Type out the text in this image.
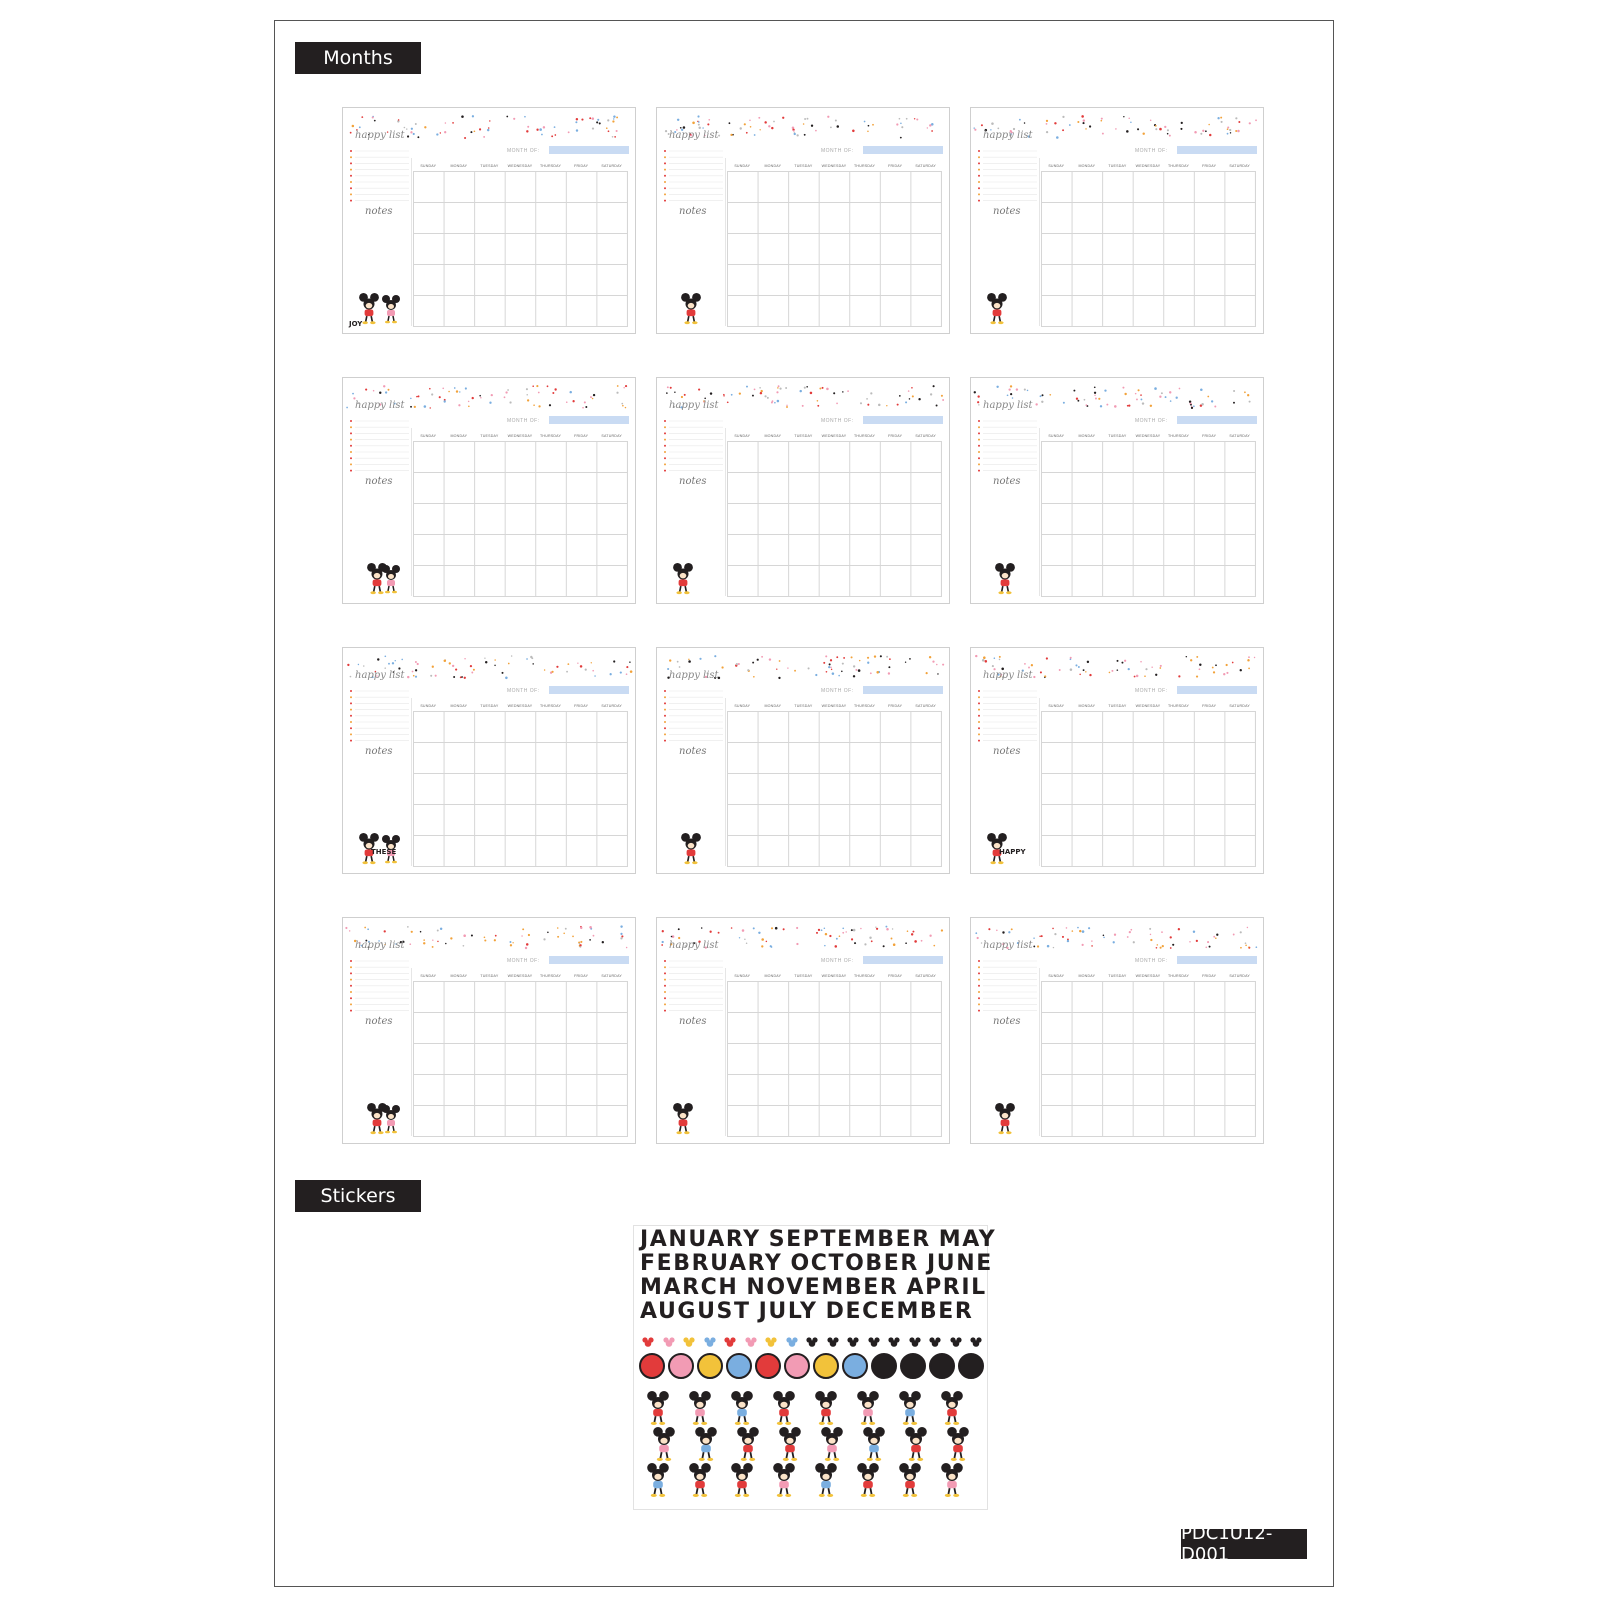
Months
happy list
notes
MONTH OF:
SUNDAY	MONDAY	TUESDAY	WEDNESDAY	THURSDAY	FRIDAY	SATURDAY
JOY
happy list
notes
MONTH OF:
SUNDAY	MONDAY	TUESDAY	WEDNESDAY	THURSDAY	FRIDAY	SATURDAY
happy list
notes
MONTH OF:
SUNDAY	MONDAY	TUESDAY	WEDNESDAY	THURSDAY	FRIDAY	SATURDAY
happy list
notes
MONTH OF:
SUNDAY	MONDAY	TUESDAY	WEDNESDAY	THURSDAY	FRIDAY	SATURDAY
happy list
notes
MONTH OF:
SUNDAY	MONDAY	TUESDAY	WEDNESDAY	THURSDAY	FRIDAY	SATURDAY
happy list
notes
MONTH OF:
SUNDAY	MONDAY	TUESDAY	WEDNESDAY	THURSDAY	FRIDAY	SATURDAY
happy list
notes
MONTH OF:
SUNDAY	MONDAY	TUESDAY	WEDNESDAY	THURSDAY	FRIDAY	SATURDAY
THESE
happy list
notes
MONTH OF:
SUNDAY	MONDAY	TUESDAY	WEDNESDAY	THURSDAY	FRIDAY	SATURDAY
happy list
notes
MONTH OF:
SUNDAY	MONDAY	TUESDAY	WEDNESDAY	THURSDAY	FRIDAY	SATURDAY
HAPPY
happy list
notes
MONTH OF:
SUNDAY	MONDAY	TUESDAY	WEDNESDAY	THURSDAY	FRIDAY	SATURDAY
happy list
notes
MONTH OF:
SUNDAY	MONDAY	TUESDAY	WEDNESDAY	THURSDAY	FRIDAY	SATURDAY
happy list
notes
MONTH OF:
SUNDAY	MONDAY	TUESDAY	WEDNESDAY	THURSDAY	FRIDAY	SATURDAY
Stickers
JANUARY SEPTEMBER MAY
FEBRUARY OCTOBER JUNE
MARCH NOVEMBER APRIL
AUGUST JULY DECEMBER
PDC1U12-D001
